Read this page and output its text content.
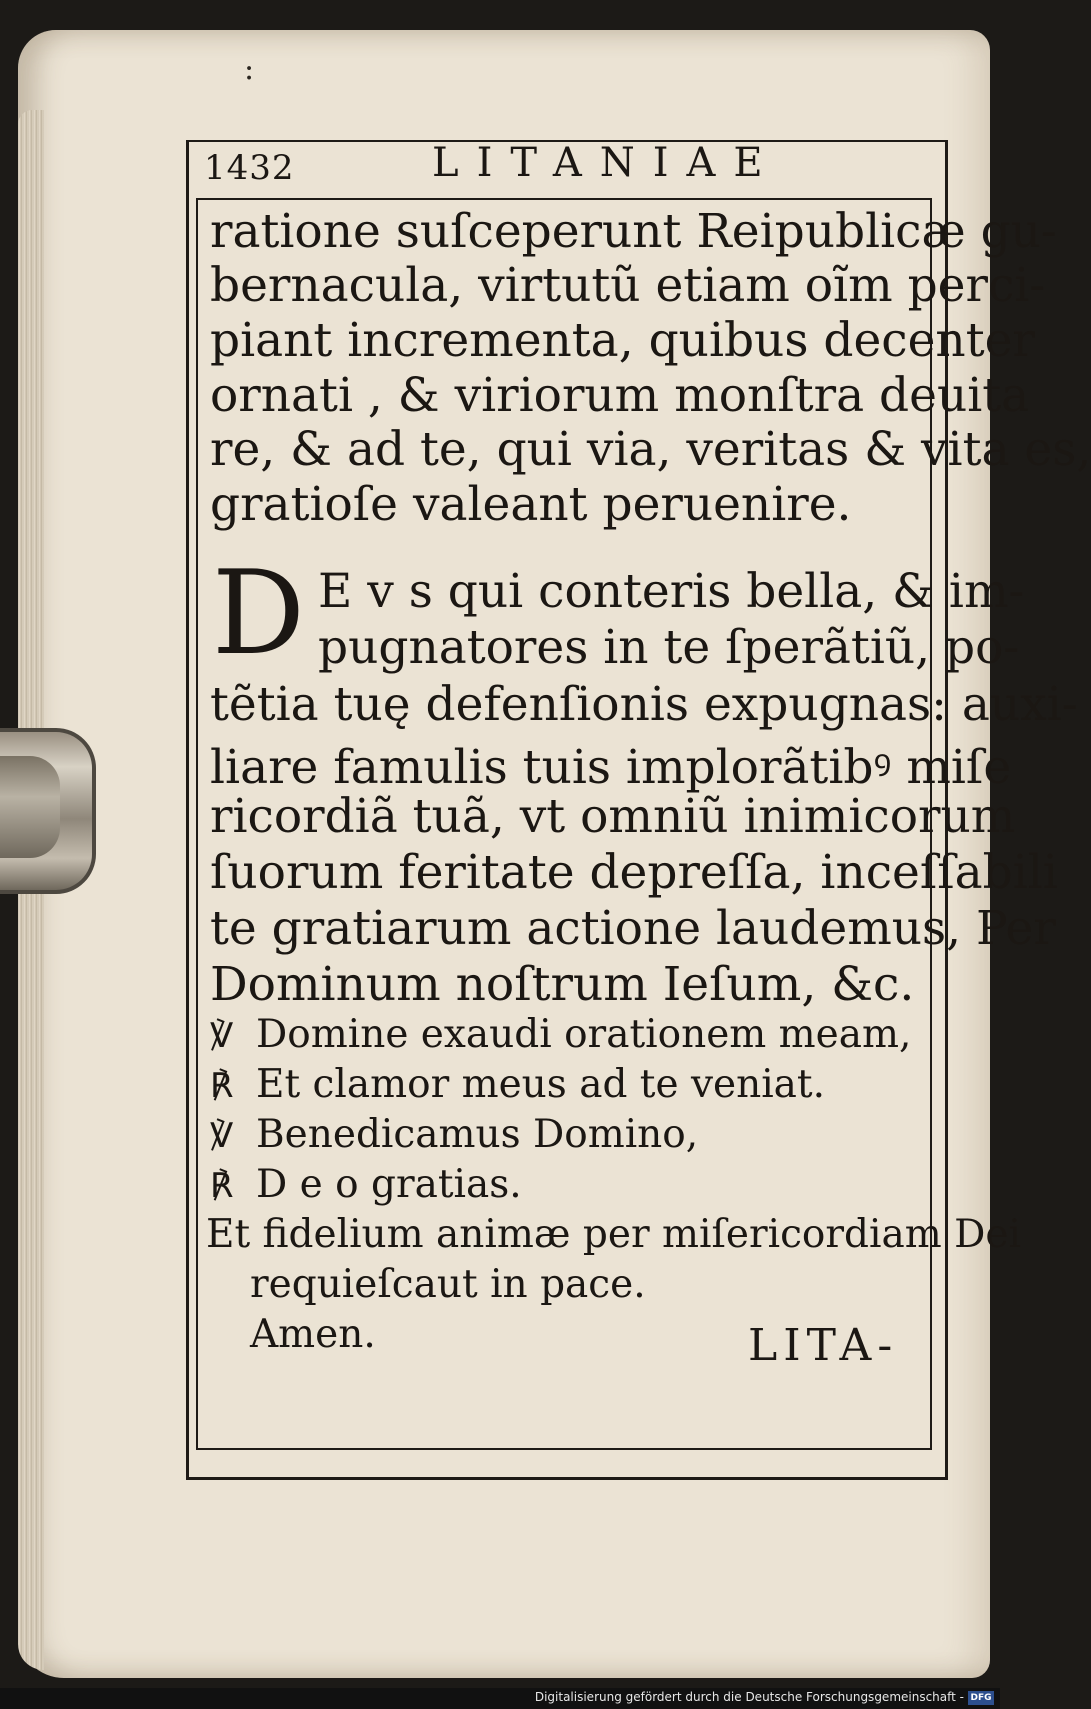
:
1432	LITANIAE
ratione suſceperunt Reipublicæ gu-
bernacula, virtutũ etiam oĩm perci-
piant incrementa, quibus decenter
ornati , & viriorum monſtra deuita
re, & ad te, qui via, veritas & vita es,
gratioſe valeant peruenire.
D E v s qui conteris bella, & im-
pugnatores in te ſperãtiũ, po-
tẽtia tuę defenſionis expugnas: auxi-
liare famulis tuis implorãtibꝰ miſe
ricordiã tuã, vt omniũ inimicorum
ſuorum feritate depreſſa, inceſſabili
te gratiarum actione laudemus, Per
Dominum noſtrum Ieſum, &c.
℣ Domine exaudi orationem meam,
℟ Et clamor meus ad te veniat.
℣ Benedicamus Domino,
℟ D e o gratias.
Et fidelium animæ per miſericordiam Dei
requieſcaut in pace.
Amen.	LITA-
Digitalisierung gefördert durch die Deutsche Forschungsgemeinschaft - DFG
